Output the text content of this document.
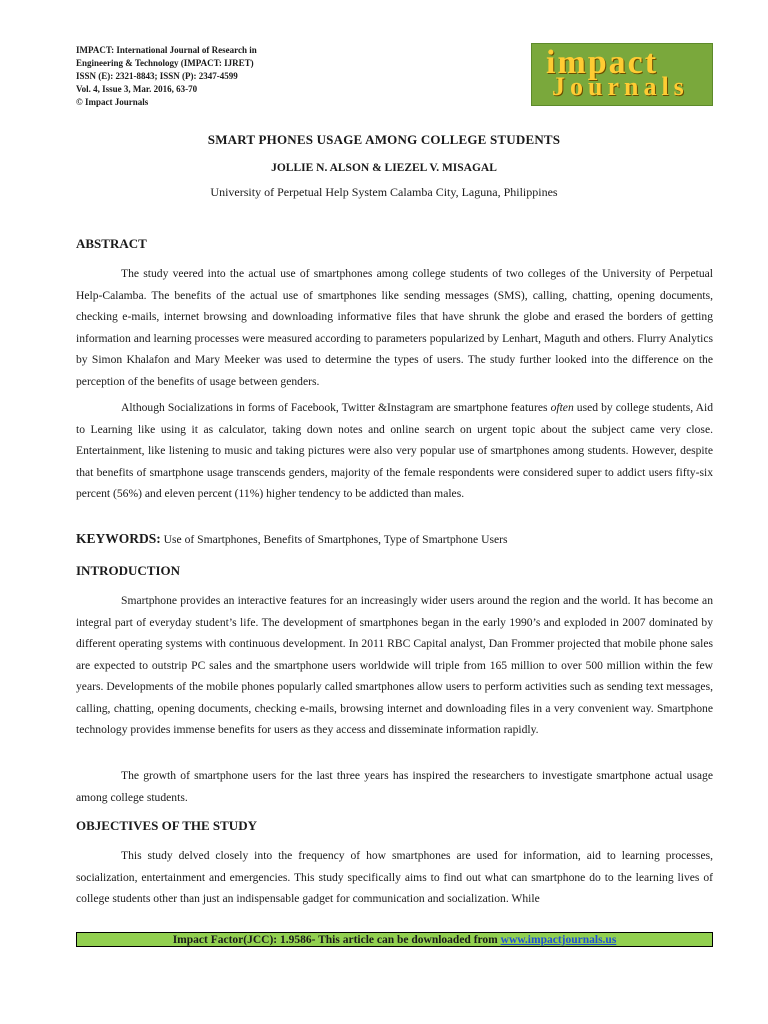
IMPACT: International Journal of Research in
Engineering & Technology (IMPACT: IJRET)
ISSN (E): 2321-8843; ISSN (P): 2347-4599
Vol. 4, Issue 3, Mar. 2016, 63-70
© Impact Journals
impact
Journals
SMART PHONES USAGE AMONG COLLEGE STUDENTS
JOLLIE N. ALSON & LIEZEL V. MISAGAL
University of Perpetual Help System Calamba City, Laguna, Philippines
ABSTRACT
The study veered into the actual use of smartphones among college students of two colleges of the University of Perpetual Help-Calamba. The benefits of the actual use of smartphones like sending messages (SMS), calling, chatting, opening documents, checking e-mails, internet browsing and downloading informative files that have shrunk the globe and erased the borders of getting information and learning processes were measured according to parameters popularized by Lenhart, Maguth and others. Flurry Analytics by Simon Khalafon and Mary Meeker was used to determine the types of users. The study further looked into the difference on the perception of the benefits of usage between genders.
Although Socializations in forms of Facebook, Twitter &Instagram are smartphone features often used by college students, Aid to Learning like using it as calculator, taking down notes and online search on urgent topic about the subject came very close. Entertainment, like listening to music and taking pictures were also very popular use of smartphones among students. However, despite that benefits of smartphone usage transcends genders, majority of the female respondents were considered super to addict users fifty-six percent (56%) and eleven percent (11%) higher tendency to be addicted than males.
KEYWORDS: Use of Smartphones, Benefits of Smartphones, Type of Smartphone Users
INTRODUCTION
Smartphone provides an interactive features for an increasingly wider users around the region and the world. It has become an integral part of everyday student’s life. The development of smartphones began in the early 1990’s and exploded in 2007 dominated by different operating systems with continuous development. In 2011 RBC Capital analyst, Dan Frommer projected that mobile phone sales are expected to outstrip PC sales and the smartphone users worldwide will triple from 165 million to over 500 million within the few years. Developments of the mobile phones popularly called smartphones allow users to perform activities such as sending text messages, calling, chatting, opening documents, checking e-mails, browsing internet and downloading files in a very convenient way. Smartphone technology provides immense benefits for users as they access and disseminate information rapidly.
The growth of smartphone users for the last three years has inspired the researchers to investigate smartphone actual usage among college students.
OBJECTIVES OF THE STUDY
This study delved closely into the frequency of how smartphones are used for information, aid to learning processes, socialization, entertainment and emergencies. This study specifically aims to find out what can smartphone do to the learning lives of college students other than just an indispensable gadget for communication and socialization. While
Impact Factor(JCC): 1.9586- This article can be downloaded from www.impactjournals.us
